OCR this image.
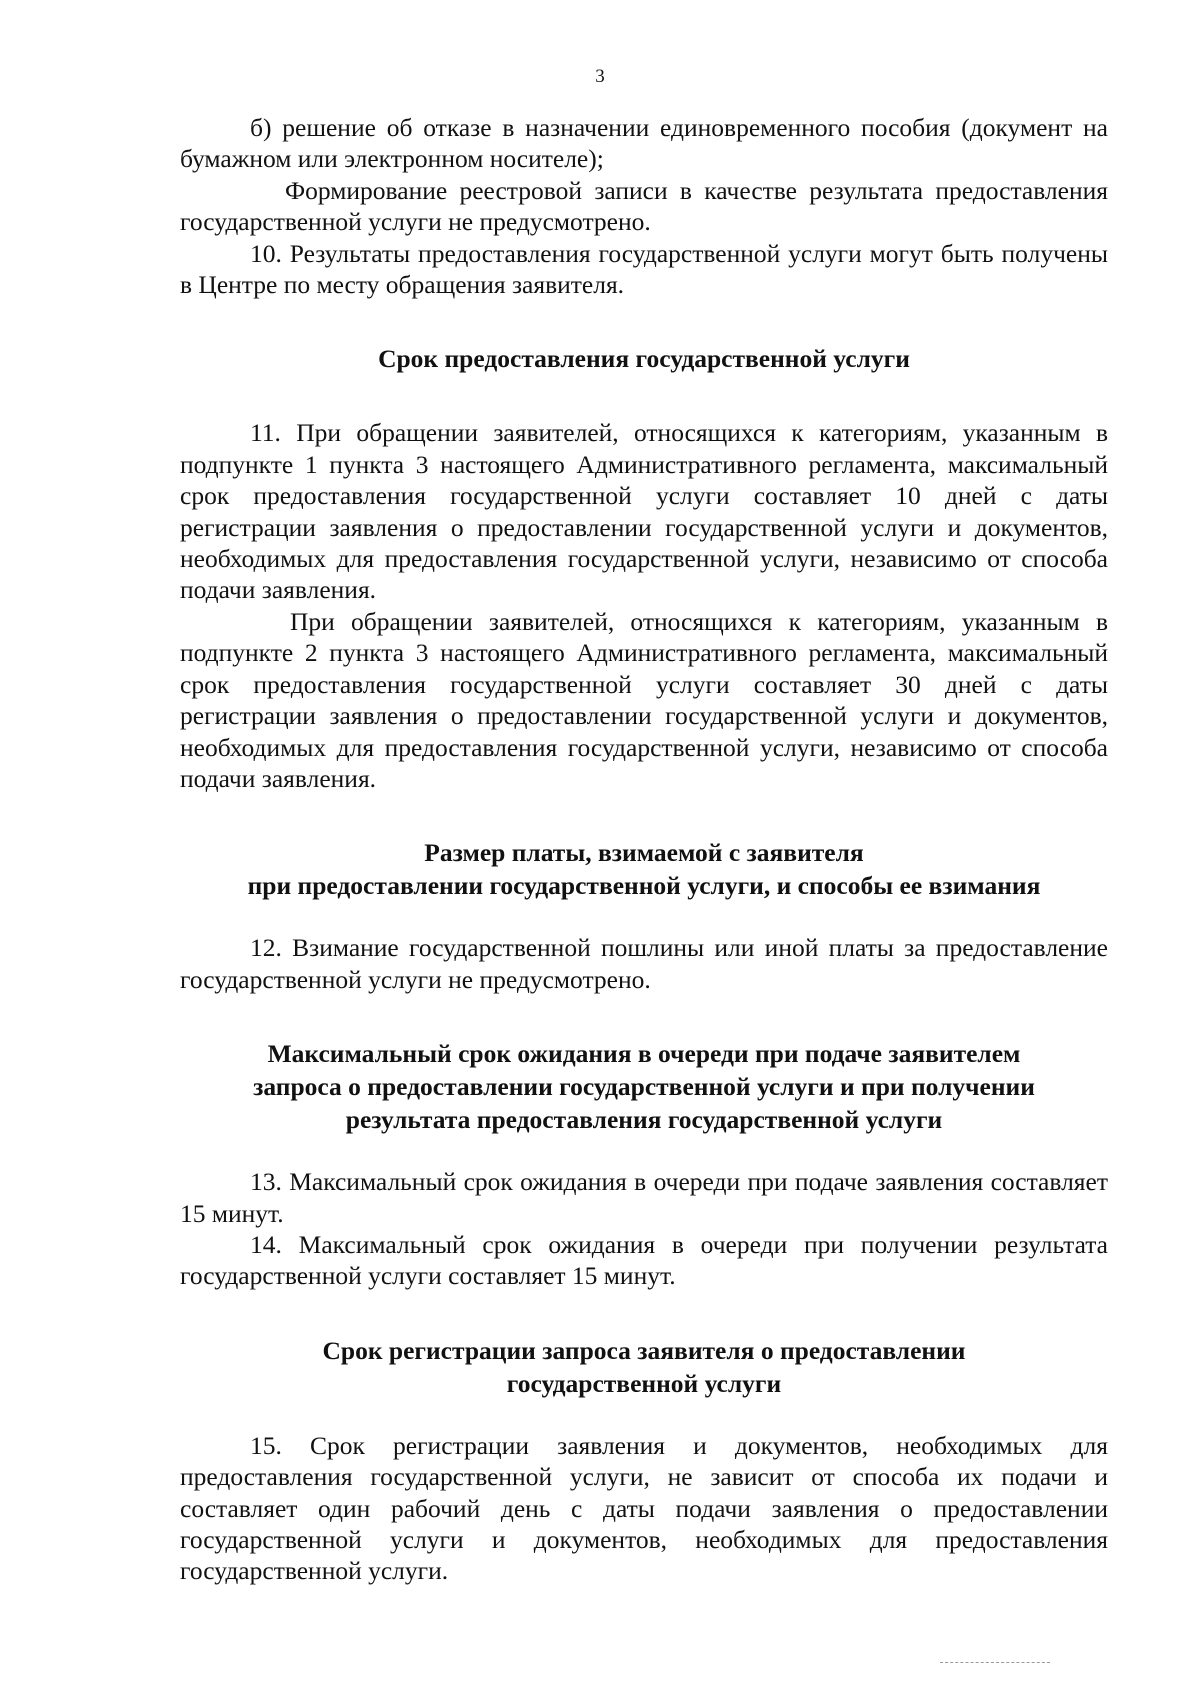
3

б) решение об отказе в назначении единовременного пособия (документ на бумажном или электронном носителе);

Формирование реестровой записи в качестве результата предоставления государственной услуги не предусмотрено.

10. Результаты предоставления государственной услуги могут быть получены в Центре по месту обращения заявителя.

Срок предоставления государственной услуги

11. При обращении заявителей, относящихся к категориям, указанным в подпункте 1 пункта 3 настоящего Административного регламента, максимальный срок предоставления государственной услуги составляет 10 дней с даты регистрации заявления о предоставлении государственной услуги и документов, необходимых для предоставления государственной услуги, независимо от способа подачи заявления.

При обращении заявителей, относящихся к категориям, указанным в подпункте 2 пункта 3 настоящего Административного регламента, максимальный срок предоставления государственной услуги составляет 30 дней с даты регистрации заявления о предоставлении государственной услуги и документов, необходимых для предоставления государственной услуги, независимо от способа подачи заявления.

Размер платы, взимаемой с заявителя
при предоставлении государственной услуги, и способы ее взимания

12. Взимание государственной пошлины или иной платы за предоставление государственной услуги не предусмотрено.

Максимальный срок ожидания в очереди при подаче заявителем
запроса о предоставлении государственной услуги и при получении
результата предоставления государственной услуги

13. Максимальный срок ожидания в очереди при подаче заявления составляет 15 минут.

14. Максимальный срок ожидания в очереди при получении результата государственной услуги составляет 15 минут.

Срок регистрации запроса заявителя о предоставлении
государственной услуги

15. Срок регистрации заявления и документов, необходимых для предоставления государственной услуги, не зависит от способа их подачи и составляет один рабочий день с даты подачи заявления о предоставлении государственной услуги и документов, необходимых для предоставления государственной услуги.
